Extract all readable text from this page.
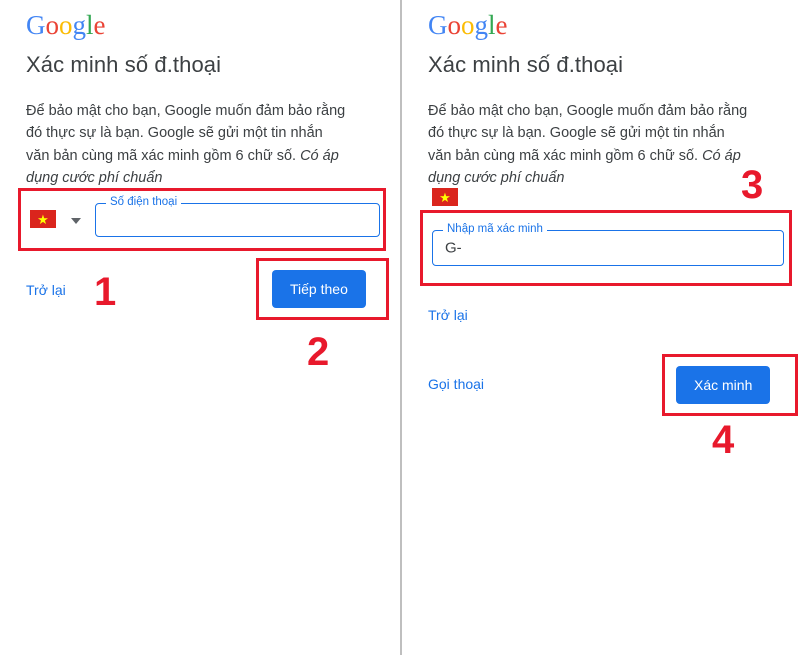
Google
Xác minh số đ.thoại
Để bảo mật cho bạn, Google muốn đảm bảo rằng đó thực sự là bạn. Google sẽ gửi một tin nhắn văn bản cùng mã xác minh gồm 6 chữ số. Có áp dụng cước phí chuẩn
★
Số điện thoại
Trở lại	Tiếp theo
1
2
Google
Xác minh số đ.thoại
Để bảo mật cho bạn, Google muốn đảm bảo rằng đó thực sự là bạn. Google sẽ gửi một tin nhắn văn bản cùng mã xác minh gồm 6 chữ số. Có áp dụng cước phí chuẩn
★
Nhập mã xác minh
G-
Trở lại
Gọi thoại	Xác minh
3
4
